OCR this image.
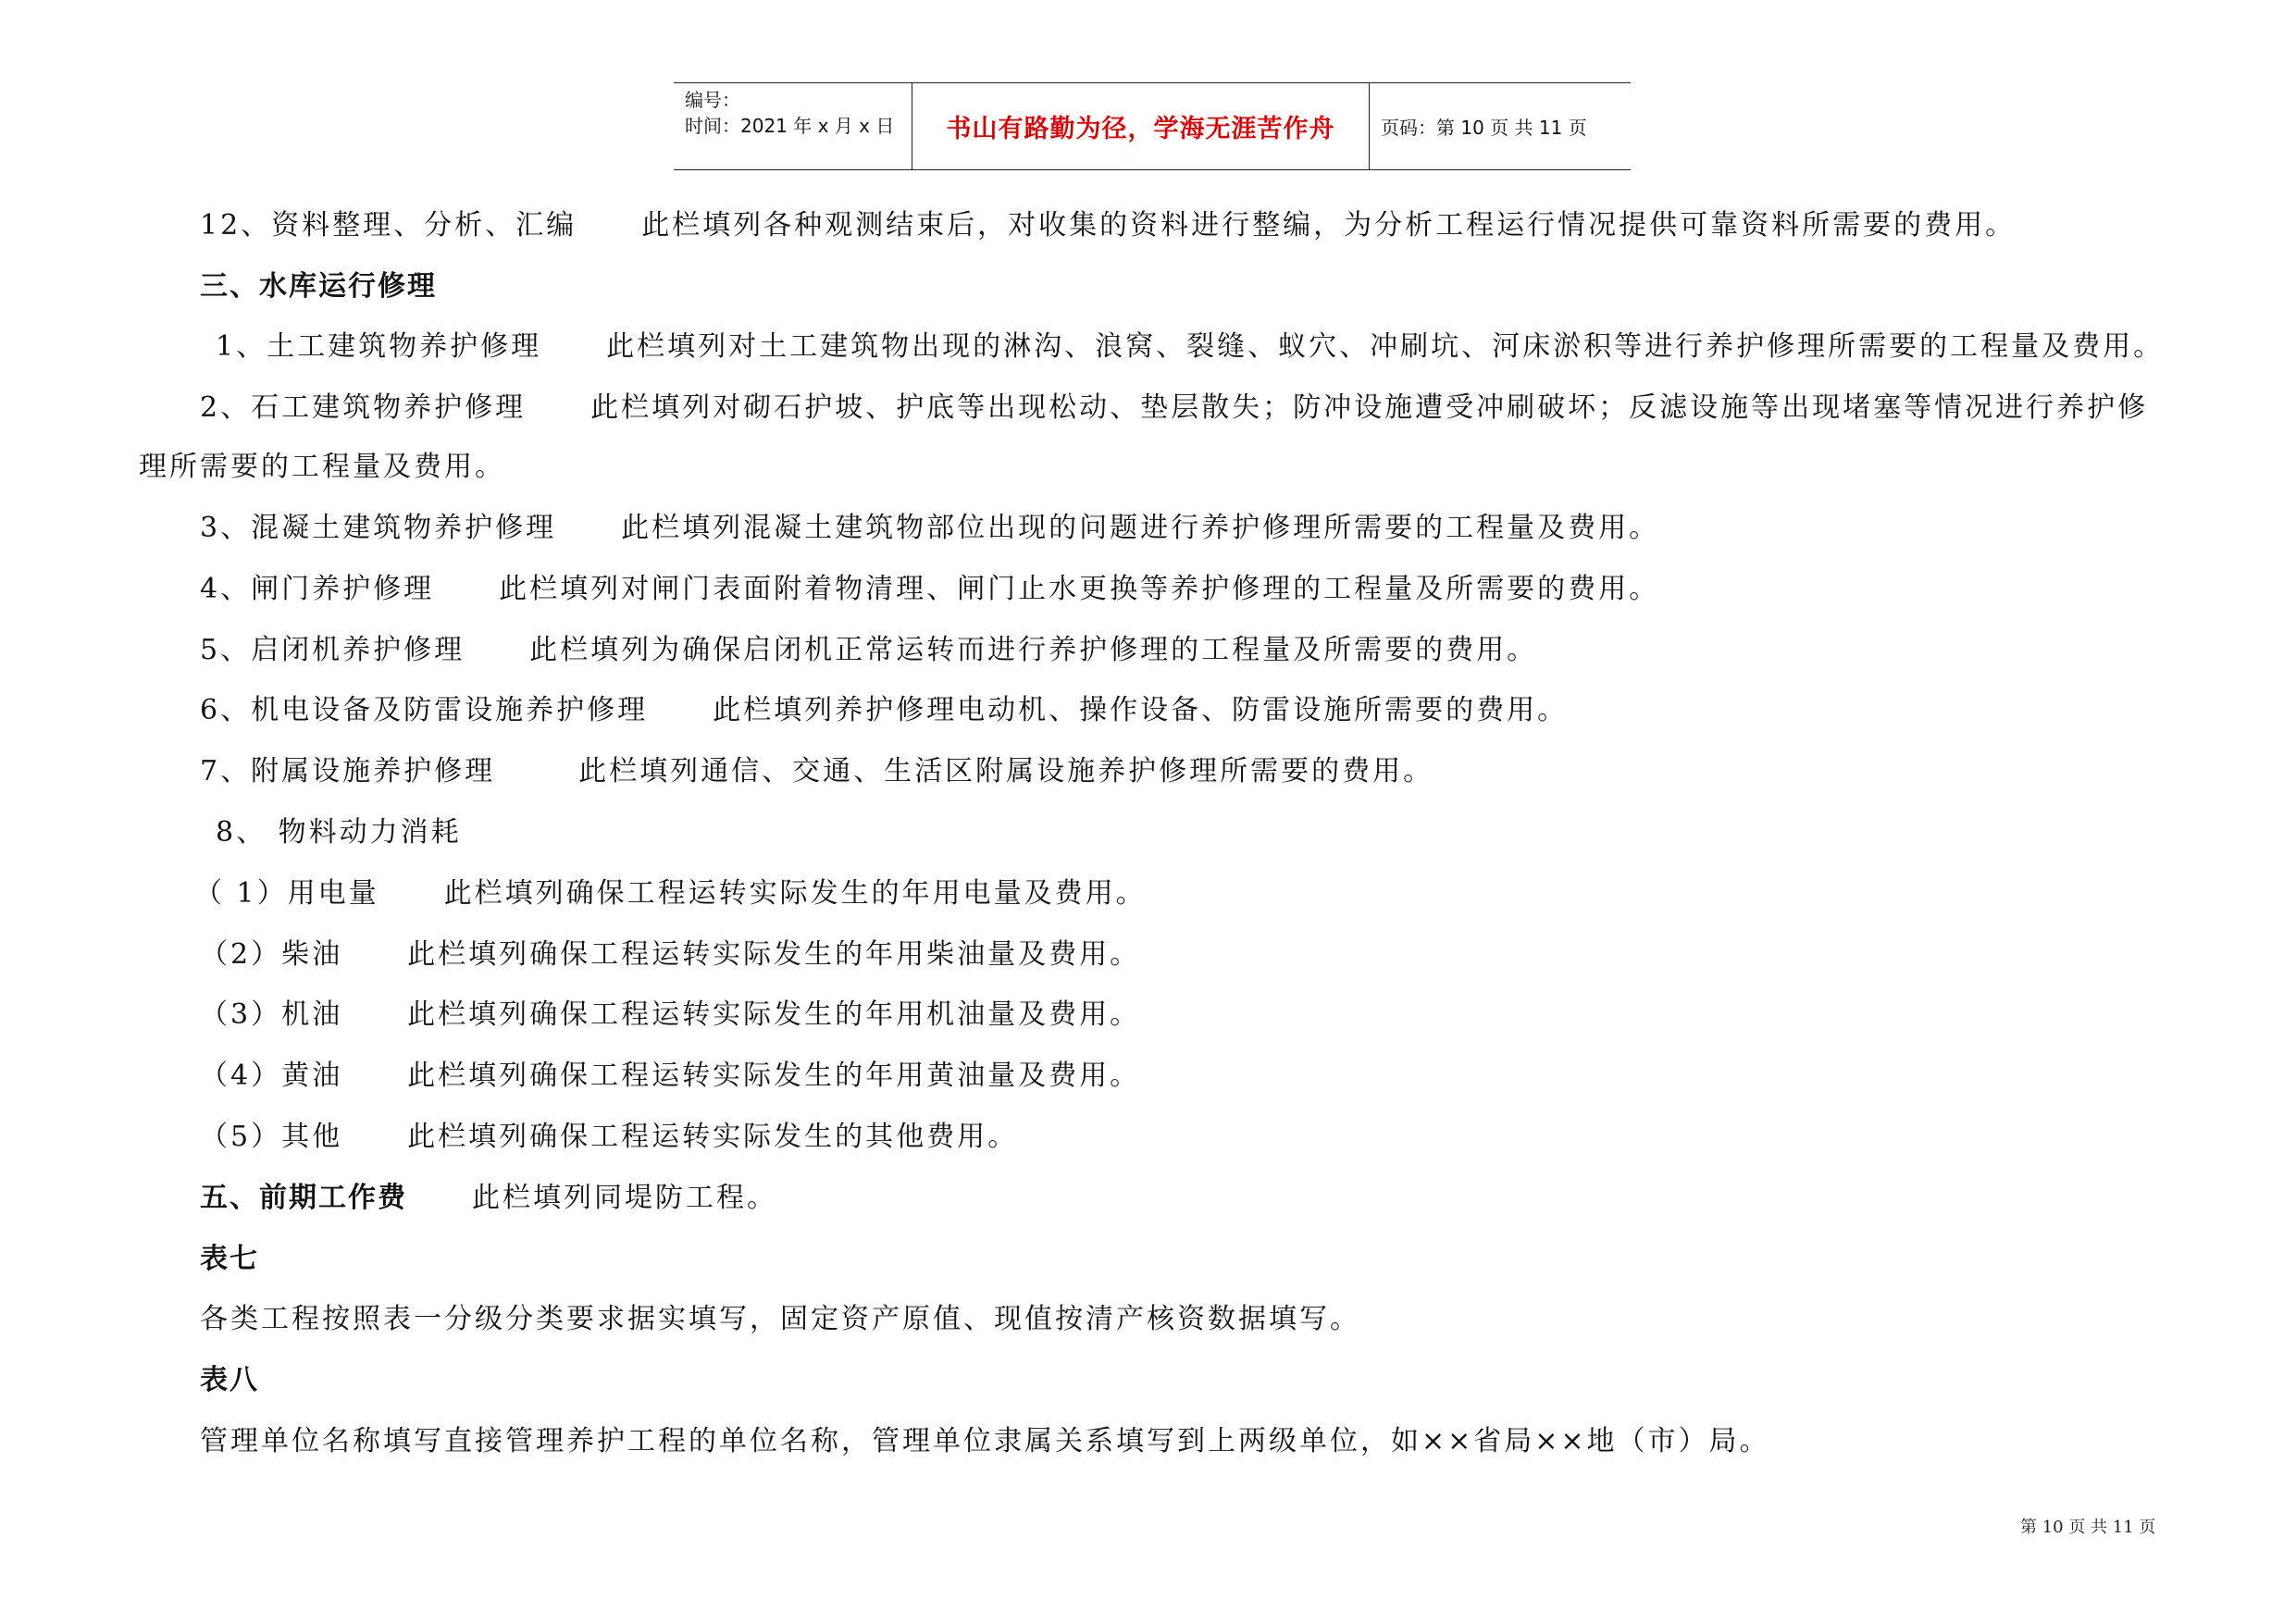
编号：
时间：2021 年 x 月 x 日	书山有路勤为径，学海无涯苦作舟	页码：第 10 页 共 11 页
12、资料整理、分析、汇编 此栏填列各种观测结束后，对收集的资料进行整编，为分析工程运行情况提供可靠资料所需要的费用。
三、水库运行修理
1、土工建筑物养护修理 此栏填列对土工建筑物出现的淋沟、浪窝、裂缝、蚁穴、冲刷坑、河床淤积等进行养护修理所需要的工程量及费用。
2、石工建筑物养护修理 此栏填列对砌石护坡、护底等出现松动、垫层散失；防冲设施遭受冲刷破坏；反滤设施等出现堵塞等情况进行养护修
理所需要的工程量及费用。
3、混凝土建筑物养护修理 此栏填列混凝土建筑物部位出现的问题进行养护修理所需要的工程量及费用。
4、闸门养护修理 此栏填列对闸门表面附着物清理、闸门止水更换等养护修理的工程量及所需要的费用。
5、启闭机养护修理 此栏填列为确保启闭机正常运转而进行养护修理的工程量及所需要的费用。
6、机电设备及防雷设施养护修理 此栏填列养护修理电动机、操作设备、防雷设施所需要的费用。
7、附属设施养护修理	此栏填列通信、交通、生活区附属设施养护修理所需要的费用。
8、 物料动力消耗
（ 1）用电量 此栏填列确保工程运转实际发生的年用电量及费用。
（2）柴油 此栏填列确保工程运转实际发生的年用柴油量及费用。
（3）机油 此栏填列确保工程运转实际发生的年用机油量及费用。
（4）黄油 此栏填列确保工程运转实际发生的年用黄油量及费用。
（5）其他 此栏填列确保工程运转实际发生的其他费用。
五、前期工作费 此栏填列同堤防工程。
表七
各类工程按照表一分级分类要求据实填写，固定资产原值、现值按清产核资数据填写。
表八
管理单位名称填写直接管理养护工程的单位名称，管理单位隶属关系填写到上两级单位，如××省局××地（市）局。
第 10 页 共 11 页
